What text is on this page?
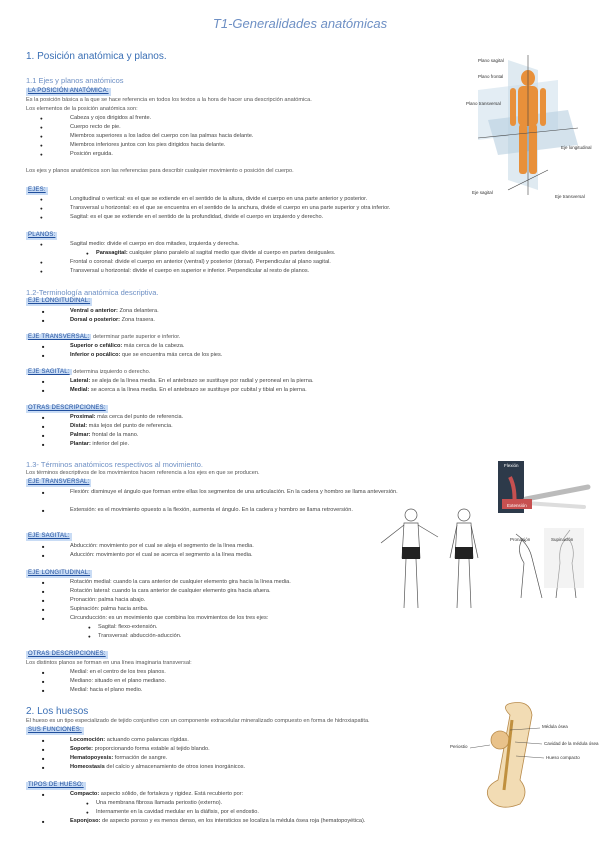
T1-Generalidades anatómicas
1. Posición anatómica y planos.
1.1 Ejes y planos anatómicos
LA POSICIÓN ANATÓMICA:
Es la posición básica a la que se hace referencia en todos los textos a la hora de hacer una descripción anatómica.
Los elementos de la posición anatómica son:
● Cabeza y ojos dirigidos al frente.
● Cuerpo recto de pie.
● Miembros superiores a los lados del cuerpo con las palmas hacia delante.
● Miembros inferiores juntos con los pies dirigidos hacia delante.
● Posición erguida.
Los ejes y planos anatómicos son las referencias para describir cualquier movimiento o posición del cuerpo.
EJES:
● Longitudinal o vertical: es el que se extiende en el sentido de la altura, divide el cuerpo en una parte anterior y posterior.
● Transversal u horizontal: es el que se encuentra en el sentido de la anchura, divide el cuerpo en una parte superior y otra inferior.
● Sagital: es el que se extiende en el sentido de la profundidad, divide el cuerpo en izquierdo y derecho.
PLANOS:
● Sagital medio: divide el cuerpo en dos mitades, izquierda y derecha.
● Parasagital: cualquier plano paralelo al sagital medio que divide al cuerpo en partes desiguales.
● Frontal o coronal: divide el cuerpo en anterior (ventral) y posterior (dorsal). Perpendicular al plano sagital.
● Transversal u horizontal: divide el cuerpo en superior e inferior. Perpendicular al resto de planos.
Plano sagital
Plano frontal
Plano transversal
Eje longitudinal
Eje sagital
Eje transversal
1.2-Terminología anatómica descriptiva.
EJE LONGITUDINAL:
■ Ventral o anterior: Zona delantera.
■ Dorsal o posterior: Zona trasera.
EJE TRANSVERSAL: determinar parte superior e inferior.
■ Superior o cefálico: más cerca de la cabeza.
■ Inferior o pocálico: que se encuentra más cerca de los pies.
EJE SAGITAL: determina izquierdo o derecho.
■ Lateral: se aleja de la línea media. En el antebrazo se sustituye por radial y peroneal en la pierna.
■ Medial: se acerca a la línea media. En el antebrazo se sustituye por cubital y tibial en la pierna.
OTRAS DESCRIPCIONES:
■ Proximal: más cerca del punto de referencia.
■ Distal: más lejos del punto de referencia.
■ Palmar: frontal de la mano.
■ Plantar: inferior del pie.
1.3- Términos anatómicos respectivos al movimiento.
Los términos descriptivos de los movimientos hacen referencia a los ejes en que se producen.
EJE TRANSVERSAL:
■ Flexión: disminuye el ángulo que forman entre ellas los segmentos de una articulación. En la cadera y hombro se llama anteversión.
■ Extensión: es el movimiento opuesto a la flexión, aumenta el ángulo. En la cadera y hombro se llama retroversión.
EJE SAGITAL:
■ Abducción: movimiento por el cual se aleja el segmento de la línea media.
■ Aducción: movimiento por el cual se acerca el segmento a la línea media.
EJE LONGITUDINAL:
■ Rotación medial: cuando la cara anterior de cualquier elemento gira hacia la línea media.
■ Rotación lateral: cuando la cara anterior de cualquier elemento gira hacia afuera.
■ Pronación: palma hacia abajo.
■ Supinación: palma hacia arriba.
■ Circunducción: es un movimiento que combina los movimientos de los tres ejes:
● Sagital: flexo-extensión.
● Transversal: abducción-aducción.
OTRAS DESCRIPCIONES:
Los distintos planos se forman en una línea imaginaria transversal:
■ Medial: en el centro de los tres planos.
■ Mediano: situado en el plano mediano.
■ Medial: hacia el plano medio.
Flexión
Extensión
Pronación	Supinación
2. Los huesos
El hueso es un tipo especializado de tejido conjuntivo con un componente extracelular mineralizado compuesto en forma de hidroxiapatita.
SUS FUNCIONES:
■ Locomoción: actuando como palancas rígidas.
■ Soporte: proporcionando forma estable al tejido blando.
■ Hematopoyesis: formación de sangre.
■ Homeostasis del calcio y almacenamiento de otros iones inorgánicos.
TIPOS DE HUESO:
■ Compacto: aspecto sólido, de fortaleza y rigidez. Está recubierto por:
● Una membrana fibrosa llamada periostio (externo).
● Internamente en la cavidad medular en la diáfisis, por el endostio.
■ Esponjoso: de aspecto poroso y es menos denso, en los intersticios se localiza la médula ósea roja (hematopoyética).
Médula ósea
Periostio
Cavidad de la médula ósea
Hueso compacto
